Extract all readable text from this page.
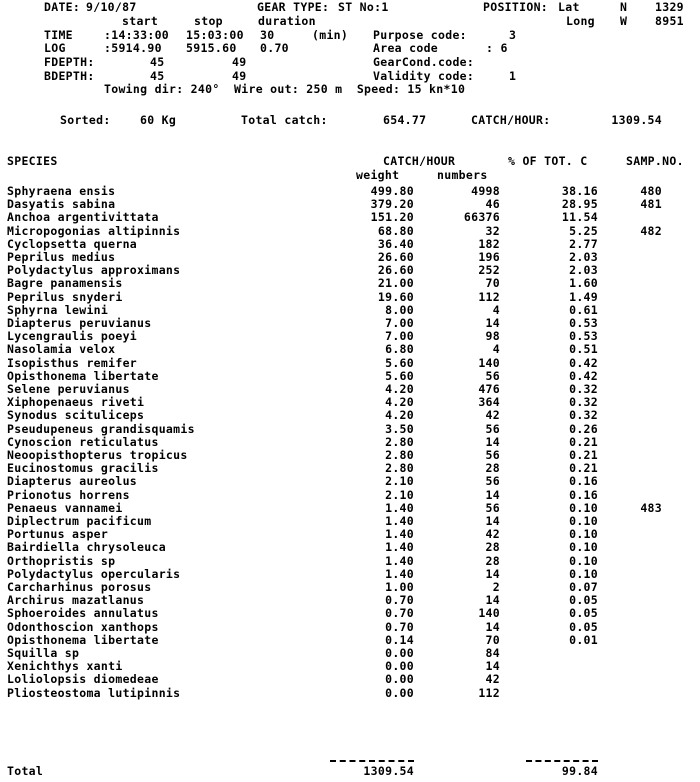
DATE: 9/10/87	GEAR TYPE: ST No:1	POSITION: Lat	N 1329
start	stop	duration	Long W 8951
TIME	:14:33:00 15:03:00 30	(min) Purpose code:	3
LOG	:5914.90 5915.60 0.70	Area code	: 6
FDEPTH:	45	49	GearCond.code:
BDEPTH:	45	49	Validity code:	1
Towing dir: 240°  Wire out: 250 m  Speed: 15 kn*10
Sorted:	60 Kg	Total catch:	654.77	CATCH/HOUR:	1309.54
SPECIES	CATCH/HOUR	% OF TOT. C	SAMP.NO.
weight	numbers
Sphyraena ensis	499.80	4998	38.16	480
Dasyatis sabina	379.20	46	28.95	481
Anchoa argentivittata	151.20	66376	11.54
Micropogonias altipinnis	68.80	32	5.25	482
Cyclopsetta querna	36.40	182	2.77
Peprilus medius	26.60	196	2.03
Polydactylus approximans	26.60	252	2.03
Bagre panamensis	21.00	70	1.60
Peprilus snyderi	19.60	112	1.49
Sphyrna lewini	8.00	4	0.61
Diapterus peruvianus	7.00	14	0.53
Lycengraulis poeyi	7.00	98	0.53
Nasolamia velox	6.80	4	0.51
Isopisthus remifer	5.60	140	0.42
Opisthonema libertate	5.60	56	0.42
Selene peruvianus	4.20	476	0.32
Xiphopenaeus riveti	4.20	364	0.32
Synodus scituliceps	4.20	42	0.32
Pseudupeneus grandisquamis	3.50	56	0.26
Cynoscion reticulatus	2.80	14	0.21
Neoopisthopterus tropicus	2.80	56	0.21
Eucinostomus gracilis	2.80	28	0.21
Diapterus aureolus	2.10	56	0.16
Prionotus horrens	2.10	14	0.16
Penaeus vannamei	1.40	56	0.10	483
Diplectrum pacificum	1.40	14	0.10
Portunus asper	1.40	42	0.10
Bairdiella chrysoleuca	1.40	28	0.10
Orthopristis sp	1.40	28	0.10
Polydactylus opercularis	1.40	14	0.10
Carcharhinus porosus	1.00	2	0.07
Archirus mazatlanus	0.70	14	0.05
Sphoeroides annulatus	0.70	140	0.05
Odonthoscion xanthops	0.70	14	0.05
Opisthonema libertate	0.14	70	0.01
Squilla sp	0.00	84
Xenichthys xanti	0.00	14
Loliolopsis diomedeae	0.00	42
Pliosteostoma lutipinnis	0.00	112
Total	1309.54	99.84
